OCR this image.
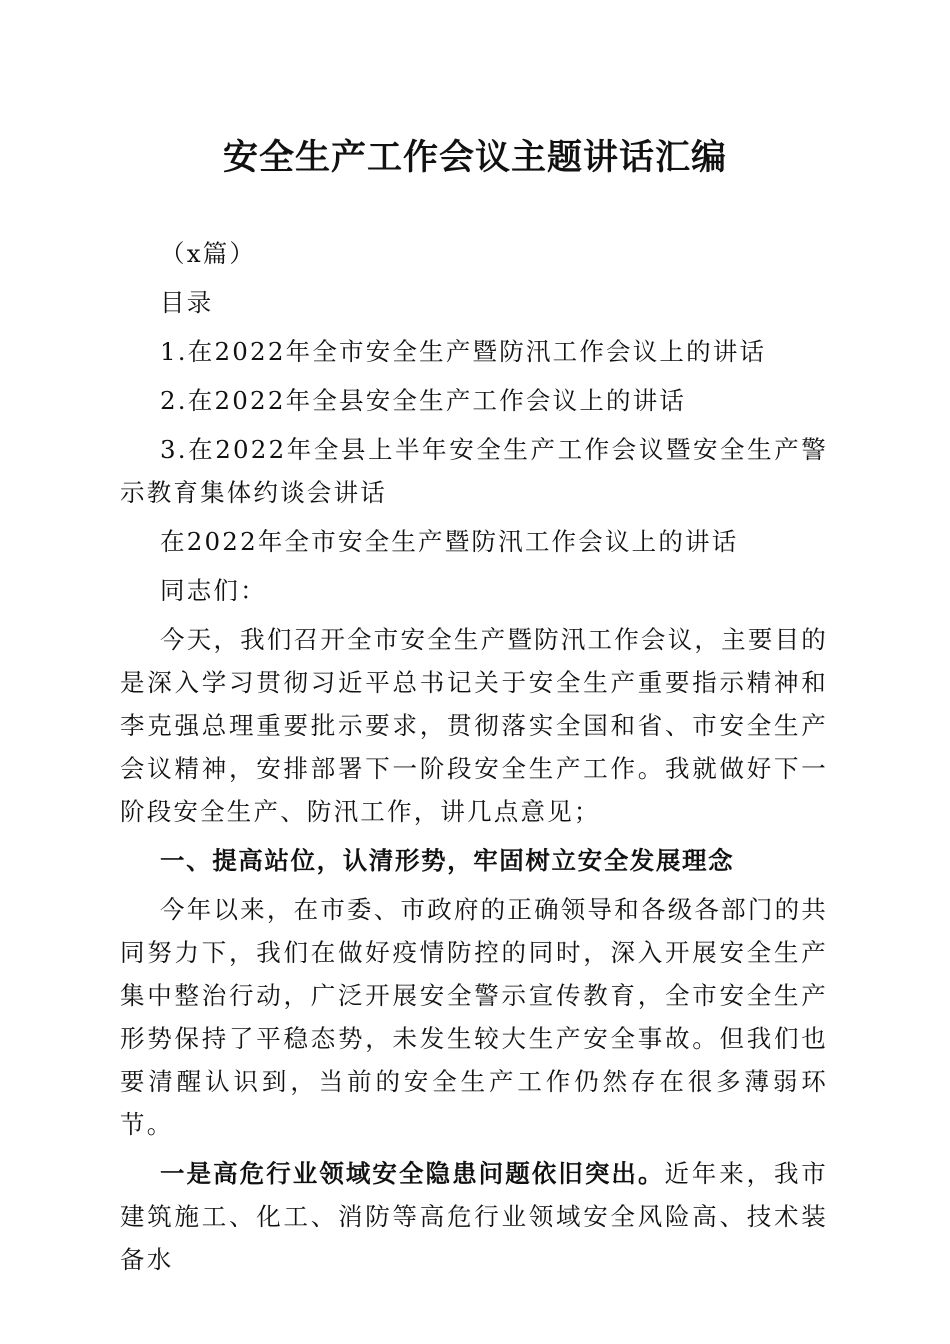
安全生产工作会议主题讲话汇编

（x篇）

目录

1.在2022年全市安全生产暨防汛工作会议上的讲话

2.在2022年全县安全生产工作会议上的讲话

3.在2022年全县上半年安全生产工作会议暨安全生产警示教育集体约谈会讲话

在2022年全市安全生产暨防汛工作会议上的讲话

同志们：

今天，我们召开全市安全生产暨防汛工作会议，主要目的是深入学习贯彻习近平总书记关于安全生产重要指示精神和李克强总理重要批示要求，贯彻落实全国和省、市安全生产会议精神，安排部署下一阶段安全生产工作。我就做好下一阶段安全生产、防汛工作，讲几点意见；

一、提高站位，认清形势，牢固树立安全发展理念

今年以来，在市委、市政府的正确领导和各级各部门的共同努力下，我们在做好疫情防控的同时，深入开展安全生产集中整治行动，广泛开展安全警示宣传教育，全市安全生产形势保持了平稳态势，未发生较大生产安全事故。但我们也要清醒认识到，当前的安全生产工作仍然存在很多薄弱环节。

一是高危行业领域安全隐患问题依旧突出。近年来，我市建筑施工、化工、消防等高危行业领域安全风险高、技术装备水
